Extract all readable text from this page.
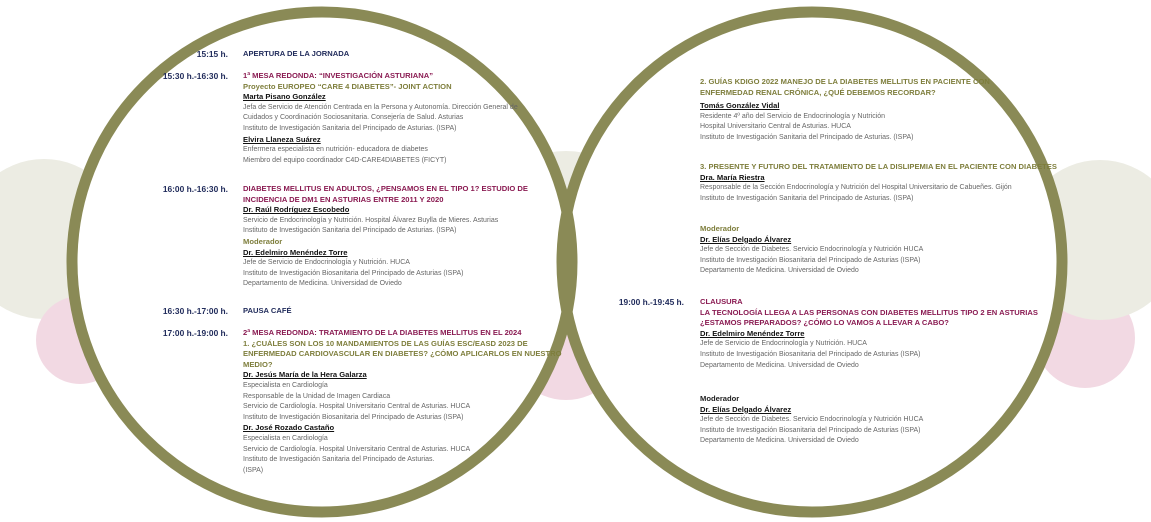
15:15 h. APERTURA DE LA JORNADA
15:30 h.-16:30 h. 1ª MESA REDONDA: “INVESTIGACIÓN ASTURIANA”
Proyecto EUROPEO “CARE 4 DIABETES”- JOINT ACTION
Marta Pisano González
Jefa de Servicio de Atención Centrada en la Persona y Autonomía. Dirección General de
Cuidados y Coordinación Sociosanitaria. Consejería de Salud. Asturias
Instituto de Investigación Sanitaria del Principado de Asturias. (ISPA)
Elvira Llaneza Suárez
Enfermera especialista en nutrición- educadora de diabetes
Miembro del equipo coordinador C4D-CARE4DIABETES (FICYT)
16:00 h.-16:30 h. DIABETES MELLITUS EN ADULTOS, ¿PENSAMOS EN EL TIPO 1? ESTUDIO DE
INCIDENCIA DE DM1 EN ASTURIAS ENTRE 2011 Y 2020
Dr. Raúl Rodríguez Escobedo
Servicio de Endocrinología y Nutrición. Hospital Álvarez Buylla de Mieres. Asturias
Instituto de Investigación Sanitaria del Principado de Asturias. (ISPA)
Moderador
Dr. Edelmiro Menéndez Torre
Jefe de Servicio de Endocrinología y Nutrición. HUCA
Instituto de Investigación Biosanitaria del Principado de Asturias (ISPA)
Departamento de Medicina. Universidad de Oviedo
16:30 h.-17:00 h. PAUSA CAFÉ
17:00 h.-19:00 h. 2ª MESA REDONDA: TRATAMIENTO DE LA DIABETES MELLITUS EN EL 2024
1. ¿CUÁLES SON LOS 10 MANDAMIENTOS DE LAS GUÍAS ESC/EASD 2023 DE
ENFERMEDAD CARDIOVASCULAR EN DIABETES? ¿CÓMO APLICARLOS EN NUESTRO
MEDIO?
Dr. Jesús María de la Hera Galarza
Especialista en Cardiología
Responsable de la Unidad de Imagen Cardiaca
Servicio de Cardiología. Hospital Universitario Central de Asturias. HUCA
Instituto de Investigación Biosanitaria del Principado de Asturias (ISPA)
Dr. José Rozado Castaño
Especialista en Cardiología
Servicio de Cardiología. Hospital Universitario Central de Asturias. HUCA
Instituto de Investigación Sanitaria del Principado de Asturias.
(ISPA)
2. GUÍAS KDIGO 2022 MANEJO DE LA DIABETES MELLITUS EN PACIENTE CON
ENFERMEDAD RENAL CRÓNICA, ¿QUÉ DEBEMOS RECORDAR?
Tomás González Vidal
Residente 4º año del Servicio de Endocrinología y Nutrición
Hospital Universitario Central de Asturias. HUCA
Instituto de Investigación Sanitaria del Principado de Asturias. (ISPA)
3. PRESENTE Y FUTURO DEL TRATAMIENTO DE LA DISLIPEMIA EN EL PACIENTE CON DIABETES
Dra. María Riestra
Responsable de la Sección Endocrinología y Nutrición del Hospital Universitario de Cabueñes. Gijón
Instituto de Investigación Sanitaria del Principado de Asturias. (ISPA)
Moderador
Dr. Elías Delgado Álvarez
Jefe de Sección de Diabetes. Servicio Endocrinología y Nutrición HUCA
Instituto de Investigación Biosanitaria del Principado de Asturias (ISPA)
Departamento de Medicina. Universidad de Oviedo
19:00 h.-19:45 h. CLAUSURA
LA TECNOLOGÍA LLEGA A LAS PERSONAS CON DIABETES MELLITUS TIPO 2 EN ASTURIAS
¿ESTAMOS PREPARADOS? ¿CÓMO LO VAMOS A LLEVAR A CABO?
Dr. Edelmiro Menéndez Torre
Jefe de Servicio de Endocrinología y Nutrición. HUCA
Instituto de Investigación Biosanitaria del Principado de Asturias (ISPA)
Departamento de Medicina. Universidad de Oviedo
Moderador
Dr. Elías Delgado Álvarez
Jefe de Sección de Diabetes. Servicio Endocrinología y Nutrición HUCA
Instituto de Investigación Biosanitaria del Principado de Asturias (ISPA)
Departamento de Medicina. Universidad de Oviedo
